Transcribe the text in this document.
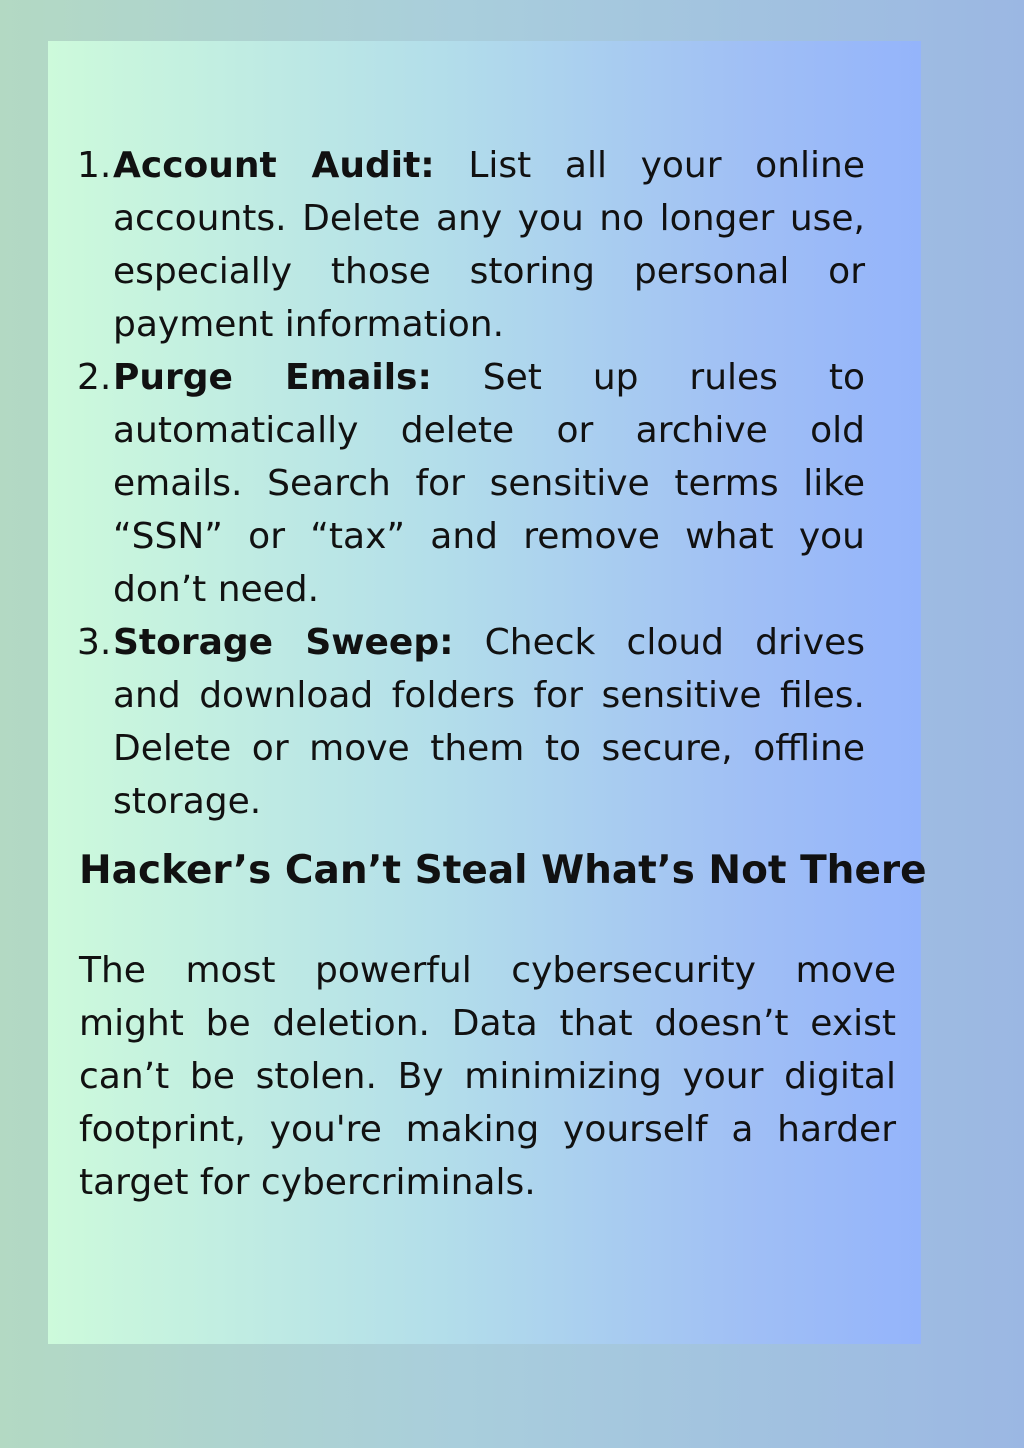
1. Account Audit: List all your online accounts. Delete any you no longer use, especially those storing personal or payment information.
2. Purge Emails: Set up rules to automatically delete or archive old emails. Search for sensitive terms like “SSN” or “tax” and remove what you don’t need.
3. Storage Sweep: Check cloud drives and download folders for sensitive files. Delete or move them to secure, offline storage.
Hacker’s Can’t Steal What’s Not There

The most powerful cybersecurity move might be deletion. Data that doesn’t exist can’t be stolen. By minimizing your digital footprint, you're making yourself a harder target for cybercriminals.
